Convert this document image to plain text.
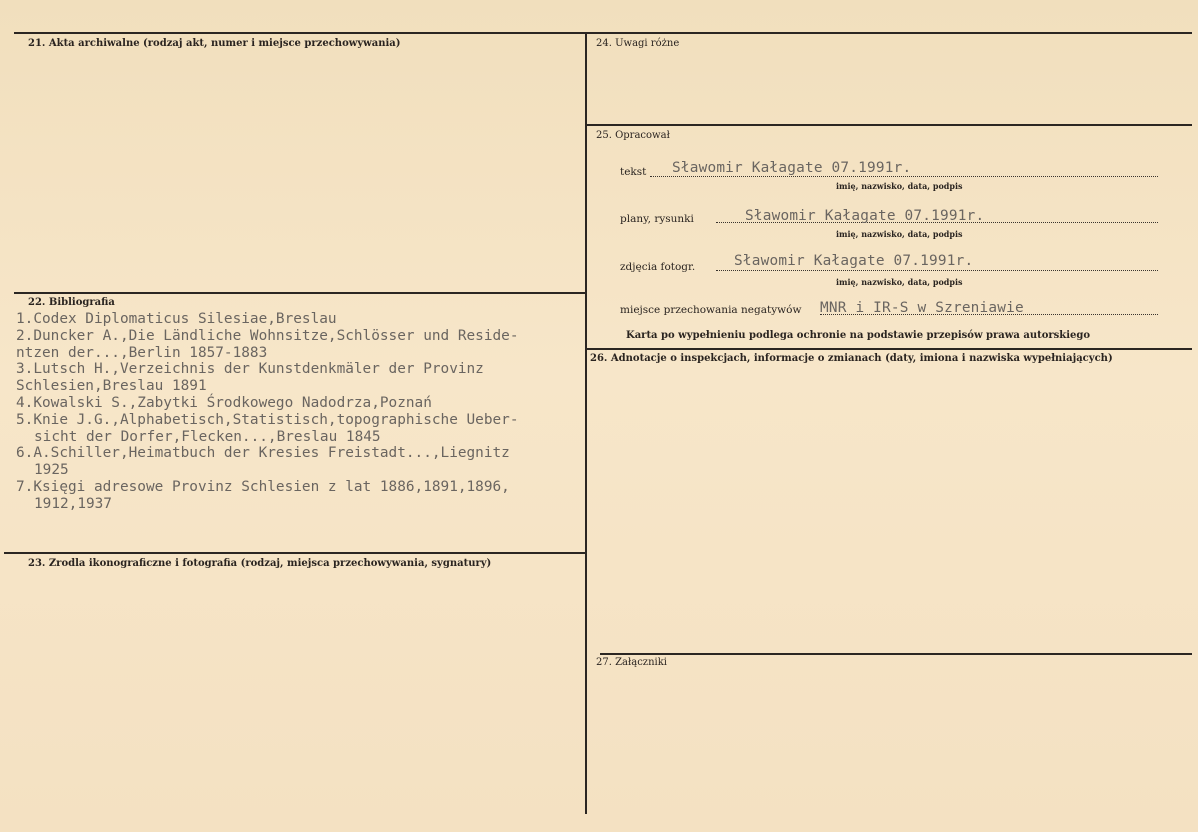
21. Akta archiwalne (rodzaj akt, numer i miejsce przechowywania)
22. Bibliografia
23. Zrodla ikonograficzne i fotografia (rodzaj, miejsca przechowywania, sygnatury)
24. Uwagi różne
25. Opracował
26. Adnotacje o inspekcjach, informacje o zmianach (daty, imiona i nazwiska wypełniających)
27. Załączniki
1.Codex Diplomaticus Silesiae,Breslau
2.Duncker A.,Die Ländliche Wohnsitze,Schlösser und Reside-
ntzen der...,Berlin 1857-1883
3.Lutsch H.,Verzeichnis der Kunstdenkmäler der Provinz
Schlesien,Breslau 1891
4.Kowalski S.,Zabytki Środkowego Nadodrza,Poznań
5.Knie J.G.,Alphabetisch,Statistisch,topographische Ueber-
sicht der Dorfer,Flecken...,Breslau 1845
6.A.Schiller,Heimatbuch der Kresies Freistadt...,Liegnitz
1925
7.Księgi adresowe Provinz Schlesien z lat 1886,1891,1896,
1912,1937
tekst Sławomir Kałagate 07.1991r.
imię, nazwisko, data, podpis
plany, rysunki	Sławomir Kałagate 07.1991r.
imię, nazwisko, data, podpis
zdjęcia fotogr.	Sławomir Kałagate 07.1991r.
imię, nazwisko, data, podpis
miejsce przechowania negatywów MNR i IR-S w Szreniawie
Karta po wypełnieniu podlega ochronie na podstawie przepisów prawa autorskiego
